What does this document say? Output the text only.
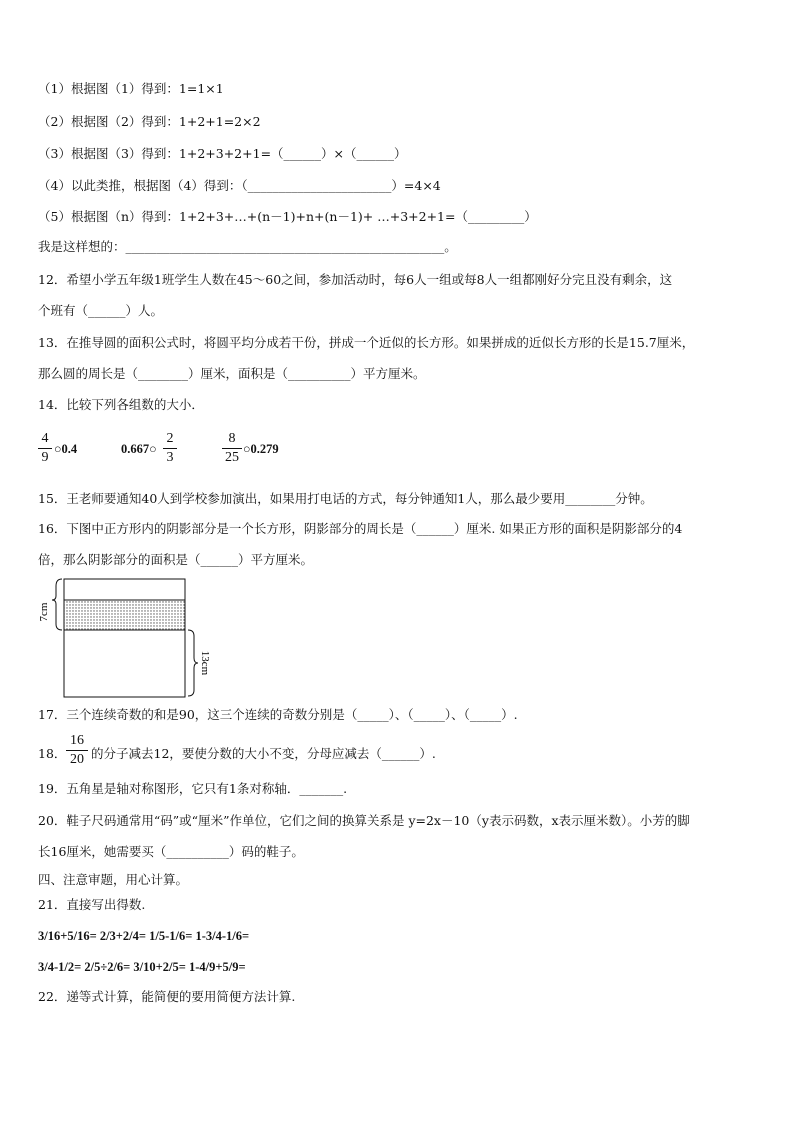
（1）根据图（1）得到：1=1×1
（2）根据图（2）得到：1+2+1=2×2
（3）根据图（3）得到：1+2+3+2+1=（______）×（______）
（4）以此类推，根据图（4）得到：（_______________________）=4×4
（5）根据图（n）得到：1+2+3+…+(n－1)+n+(n－1)+ …+3+2+1=（_________）
我是这样想的：___________________________________________________。
12．希望小学五年级1班学生人数在45～60之间，参加活动时，每6人一组或每8人一组都刚好分完且没有剩余，这
个班有（______）人。
13．在推导圆的面积公式时，将圆平均分成若干份，拼成一个近似的长方形。如果拼成的近似长方形的长是15.7厘米，
那么圆的周长是（________）厘米，面积是（__________）平方厘米。
14．比较下列各组数的大小．
4
9
○0.4	0.667○
2
3
8
25
○0.279
15．王老师要通知40人到学校参加演出，如果用打电话的方式，每分钟通知1人，那么最少要用________分钟。
16．下图中正方形内的阴影部分是一个长方形，阴影部分的周长是（______）厘米. 如果正方形的面积是阴影部分的4
倍，那么阴影部分的面积是（______）平方厘米。
7cm
13cm
17．三个连续奇数的和是90，这三个连续的奇数分别是（_____）、（_____）、（_____）.
18．
16
20 的分子减去12，要使分数的大小不变，分母应减去（______）.
19．五角星是轴对称图形，它只有1条对称轴．_______.
20．鞋子尺码通常用“码”或“厘米”作单位，它们之间的换算关系是 y=2x－10（y表示码数，x表示厘米数）。小芳的脚
长16厘米，她需要买（__________）码的鞋子。
四、注意审题，用心计算。
21．直接写出得数.
3/16+5/16= 2/3+2/4= 1/5-1/6= 1-3/4-1/6=
3/4-1/2= 2/5÷2/6= 3/10+2/5= 1-4/9+5/9=
22．递等式计算，能简便的要用简便方法计算.
